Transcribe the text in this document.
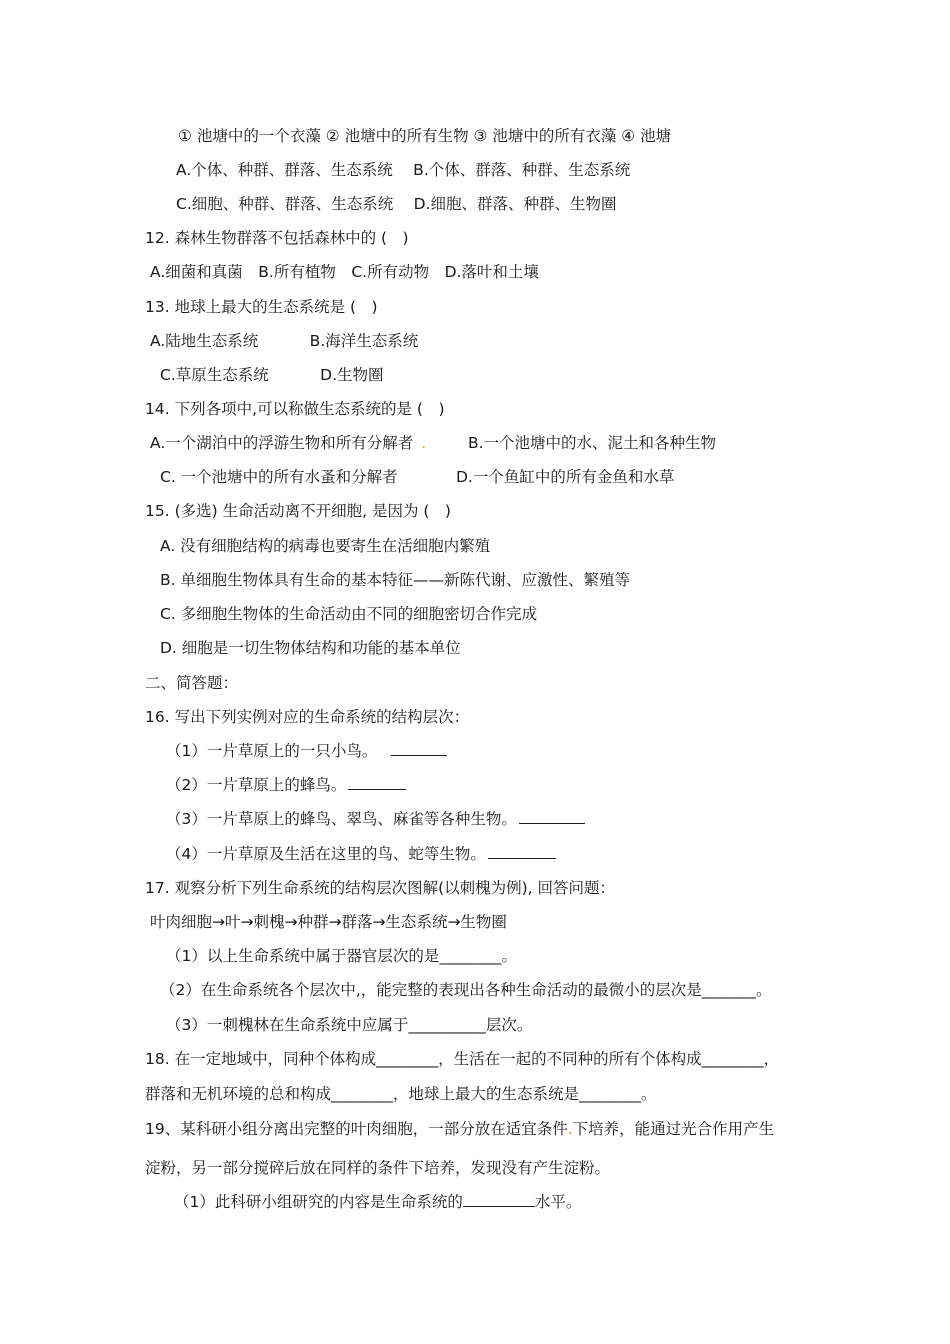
① 池塘中的一个衣藻 ② 池塘中的所有生物 ③ 池塘中的所有衣藻 ④ 池塘
A.个体、种群、群落、生态系统　 B.个体、群落、种群、生态系统
C.细胞、种群、群落、生态系统　 D.细胞、群落、种群、生物圈
12. 森林生物群落不包括森林中的 (　)
A.细菌和真菌　B.所有植物　C.所有动物　D.落叶和土壤
13. 地球上最大的生态系统是 (　)
A.陆地生态系统　　　 B.海洋生态系统
C.草原生态系统　　　 D.生物圈
14. 下列各项中,可以称做生态系统的是 (　)
A.一个湖泊中的浮游生物和所有分解者 .	B.一个池塘中的水、泥土和各种生物
C. 一个池塘中的所有水蚤和分解者	D.一个鱼缸中的所有金鱼和水草
15. (多选) 生命活动离不开细胞, 是因为 (　)
A. 没有细胞结构的病毒也要寄生在活细胞内繁殖
B. 单细胞生物体具有生命的基本特征——新陈代谢、应激性、繁殖等
C. 多细胞生物体的生命活动由不同的细胞密切合作完成
D. 细胞是一切生物体结构和功能的基本单位
二、简答题：
16. 写出下列实例对应的生命系统的结构层次：
（1）一片草原上的一只小鸟。
（2）一片草原上的蜂鸟。
（3）一片草原上的蜂鸟、翠鸟、麻雀等各种生物。
（4）一片草原及生活在这里的鸟、蛇等生物。
17. 观察分析下列生命系统的结构层次图解(以刺槐为例), 回答问题：
叶肉细胞→叶→刺槐→种群→群落→生态系统→生物圈
（1）以上生命系统中属于器官层次的是________。
（2）在生命系统各个层次中,，能完整的表现出各种生命活动的最微小的层次是_______。
（3）一刺槐林在生命系统中应属于__________层次。
18. 在一定地域中，同种个体构成________，生活在一起的不同种的所有个体构成________，
群落和无机环境的总和构成________，地球上最大的生态系统是________。
19、某科研小组分离出完整的叶肉细胞，一部分放在适宜条件.下培养，能通过光合作用产生
淀粉，另一部分搅碎后放在同样的条件下培养，发现没有产生淀粉。
（1）此科研小组研究的内容是生命系统的	水平。
